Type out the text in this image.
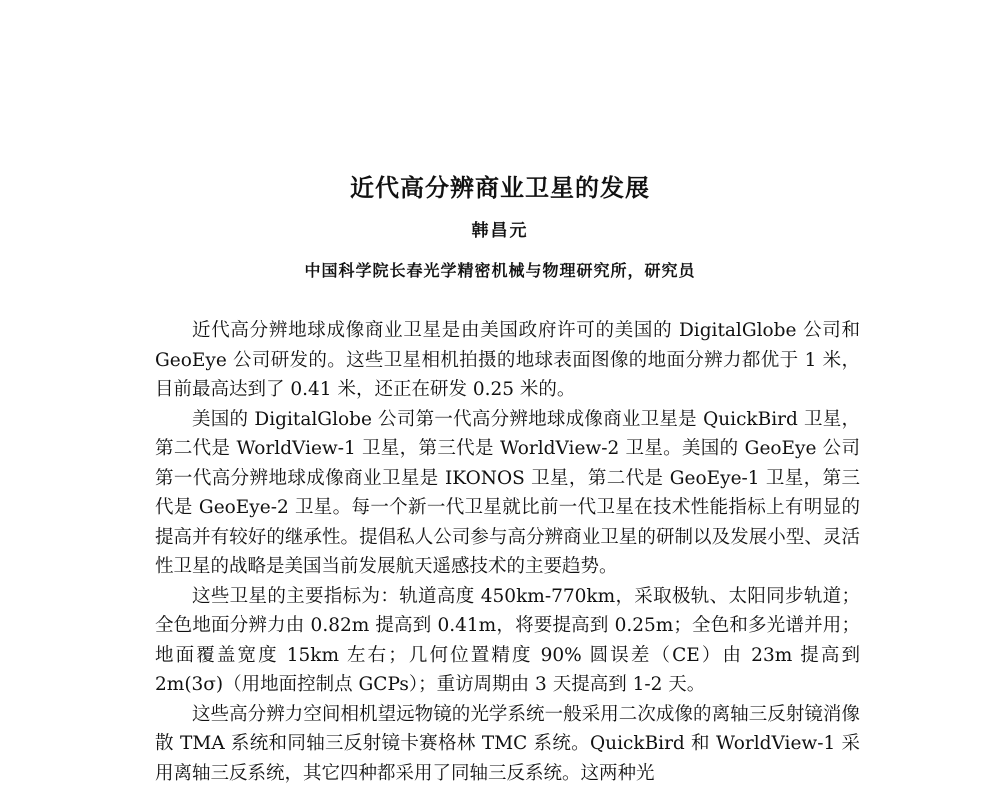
近代高分辨商业卫星的发展
韩昌元
中国科学院长春光学精密机械与物理研究所，研究员

近代高分辨地球成像商业卫星是由美国政府许可的美国的 DigitalGlobe 公司和 GeoEye 公司研发的。这些卫星相机拍摄的地球表面图像的地面分辨力都优于 1 米，目前最高达到了 0.41 米，还正在研发 0.25 米的。

美国的 DigitalGlobe 公司第一代高分辨地球成像商业卫星是 QuickBird 卫星，第二代是 WorldView-1 卫星，第三代是 WorldView-2 卫星。美国的 GeoEye 公司第一代高分辨地球成像商业卫星是 IKONOS 卫星，第二代是 GeoEye-1 卫星，第三代是 GeoEye-2 卫星。每一个新一代卫星就比前一代卫星在技术性能指标上有明显的提高并有较好的继承性。提倡私人公司参与高分辨商业卫星的研制以及发展小型、灵活性卫星的战略是美国当前发展航天遥感技术的主要趋势。

这些卫星的主要指标为：轨道高度 450km-770km，采取极轨、太阳同步轨道；全色地面分辨力由 0.82m 提高到 0.41m，将要提高到 0.25m；全色和多光谱并用；地面覆盖宽度 15km 左右；几何位置精度 90% 圆误差（CE）由 23m 提高到 2m(3σ)（用地面控制点 GCPs）；重访周期由 3 天提高到 1-2 天。

这些高分辨力空间相机望远物镜的光学系统一般采用二次成像的离轴三反射镜消像散 TMA 系统和同轴三反射镜卡赛格林 TMC 系统。QuickBird 和 WorldView-1 采用离轴三反系统，其它四种都采用了同轴三反系统。这两种光
